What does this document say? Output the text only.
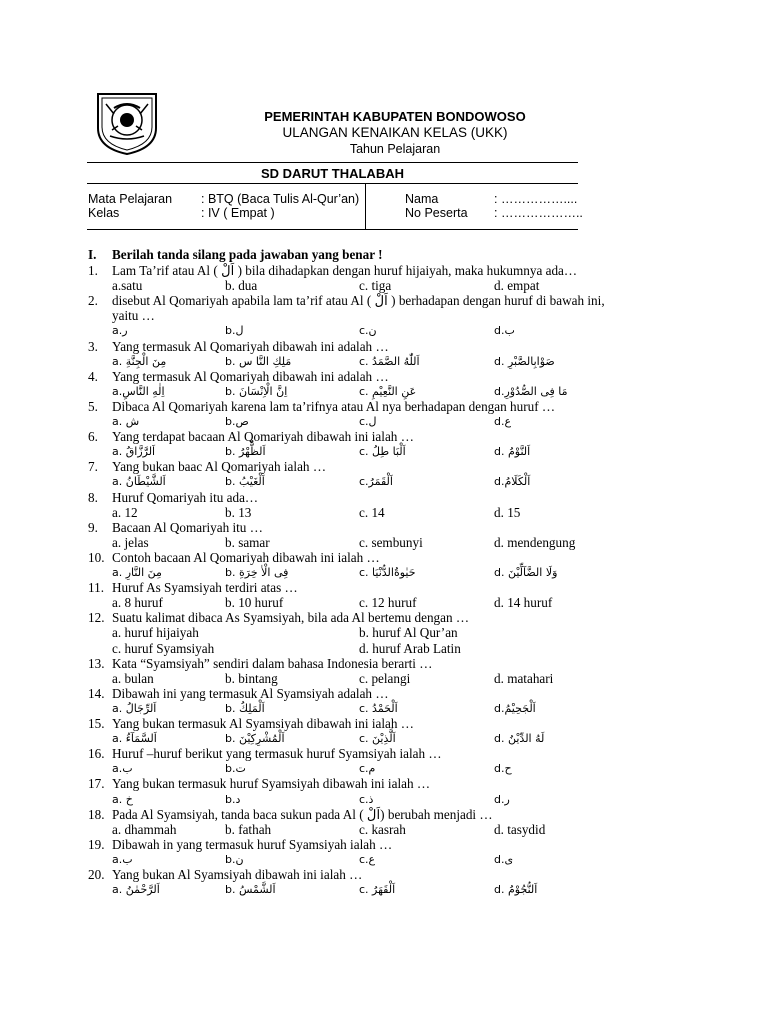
PEMERINTAH KABUPATEN BONDOWOSO
ULANGAN KENAIKAN KELAS (UKK)
Tahun Pelajaran
SD DARUT THALABAH
Mata Pelajaran : BTQ (Baca Tulis Al-Qur’an)
Kelas	: IV ( Empat )
Nama	: ……………....
No Peserta : ………………..
I. Berilah tanda silang pada jawaban yang benar !
1. Lam Ta’rif atau Al ( اَلْ ) bila dihadapkan dengan huruf hijaiyah, maka hukumnya ada…
a.satu	b. dua	c. tiga	d. empat
2. disebut Al Qomariyah apabila lam ta’rif atau Al ( اَلْ ) berhadapan dengan huruf di bawah ini,
yaitu …
a.ر	b.ل	c.ن	d.ب
3. Yang termasuk Al Qomariyah dibawah ini adalah …
a. مِنَ الْجِنَّةِ	b. مَلِكِ النَّا س	c. اَللّٰهُ الصَّمَدُ	d. صَوْابِالصَّبْرِ
4. Yang termasuk Al Qomariyah dibawah ini adalah …
a.اِلٰهِ النَّاسِ	b. اِنَّ الْاِنْسَانَ	c. عَنِ النَّعِيْمِ	d.مَا فِى الصُّدُوْرِ
5. Dibaca Al Qomariyah karena lam ta’rifnya atau Al nya berhadapan dengan huruf …
a. ش	b.ص	c.ل	d.ع
6. Yang terdapat bacaan Al Qomariyah dibawah ini ialah …
a. اَلرَّزَّاقُ	b. اَلظُّهْرُ	c. اَلْبَا طِلُ	d. اَلنَّوْمُ
7. Yang bukan baac Al Qomariyah ialah …
a. اَلشَّيْطَانُ	b. اَلْغَيْبُ	c.اَلْقَمَرُ	d.اَلْكَلَامُ
8. Huruf Qomariyah itu ada…
a. 12	b. 13	c. 14	d. 15
9. Bacaan Al Qomariyah itu …
a. jelas	b. samar	c. sembunyi	d. mendengung
10. Contoh bacaan Al Qomariyah dibawah ini ialah …
a. مِنَ النَّارِ	b. فِى الْاٰ خِرَةِ	c. حَيٰوةُالدُّنْيَا	d. وَلَا الضَّآلِّيْنَ
11. Huruf As Syamsiyah terdiri atas …
a. 8 huruf	b. 10 huruf	c. 12 huruf	d. 14 huruf
12. Suatu kalimat dibaca As Syamsiyah, bila ada Al bertemu dengan …
a. huruf hijaiyah	b. huruf Al Qur’an
c. huruf Syamsiyah	d. huruf Arab Latin
13. Kata “Syamsiyah” sendiri dalam bahasa Indonesia berarti …
a. bulan	b. bintang	c. pelangi	d. matahari
14. Dibawah ini yang termasuk Al Syamsiyah adalah …
a. اَلرِّجَالُ	b. اَلْمَلِكُ	c. اَلْحَمْدُ	d.اَلْجَحِيْمُ
15. Yang bukan termasuk Al Syamsiyah dibawah ini ialah …
a. اَلسَّمَآءُ	b. اَلْمُشْرِكِيْنَ	c. اَلَّذِيْنَ	d. لَهُ الدِّيْنُ
16. Huruf –huruf berikut yang termasuk huruf Syamsiyah ialah …
a.ب	b.ت	c.م	d.ح
17. Yang bukan termasuk huruf Syamsiyah dibawah ini ialah …
a. خ	b.د	c.ذ	d.ر
18. Pada Al Syamsiyah, tanda baca sukun pada Al ( اَلْ) berubah menjadi …
a. dhammah	b. fathah	c. kasrah	d. tasydid
19. Dibawah in yang termasuk huruf Syamsiyah ialah …
a.ب	b.ن	c.ع	d.ى
20. Yang bukan Al Syamsiyah dibawah ini ialah …
a. اَلرَّحْمٰنُ	b. اَلشَّمْسُ	c. اَلْقَهَرُ	d. اَلنُّجُوْمُ
